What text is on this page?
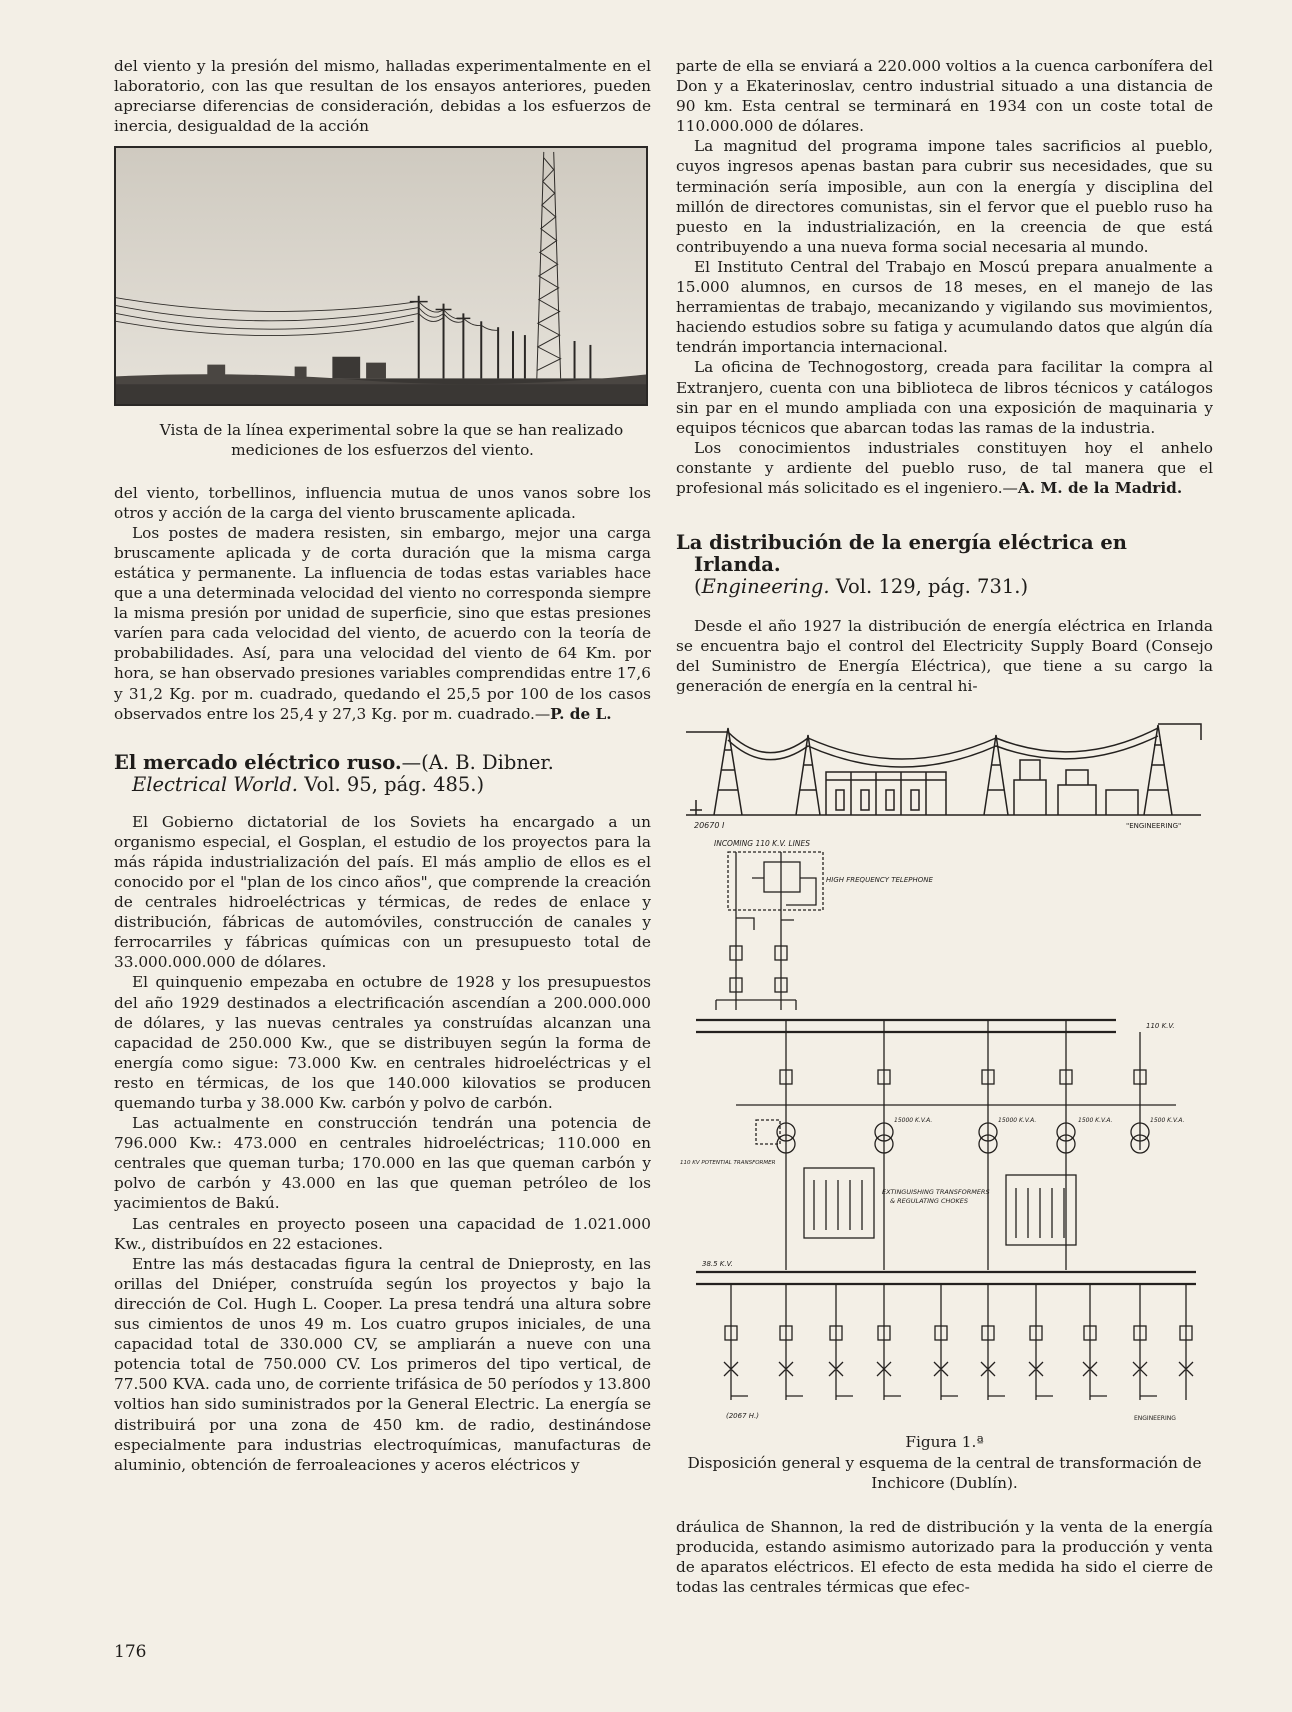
del viento y la presión del mismo, halladas experimentalmente en el laboratorio, con las que resultan de los ensayos anteriores, pueden apreciarse diferencias de consideración, debidas a los esfuerzos de inercia, desigualdad de la acción

Vista de la línea experimental sobre la que se han realizado mediciones de los esfuerzos del viento.

del viento, torbellinos, influencia mutua de unos vanos sobre los otros y acción de la carga del viento bruscamente aplicada.

Los postes de madera resisten, sin embargo, mejor una carga bruscamente aplicada y de corta duración que la misma carga estática y permanente. La influencia de todas estas variables hace que a una determinada velocidad del viento no corresponda siempre la misma presión por unidad de superficie, sino que estas presiones varíen para cada velocidad del viento, de acuerdo con la teoría de probabilidades. Así, para una velocidad del viento de 64 Km. por hora, se han observado presiones variables comprendidas entre 17,6 y 31,2 Kg. por m. cuadrado, quedando el 25,5 por 100 de los casos observados entre los 25,4 y 27,3 Kg. por m. cuadrado.—P. de L.

El mercado eléctrico ruso.—(A. B. Dibner. Electrical World. Vol. 95, pág. 485.)

El Gobierno dictatorial de los Soviets ha encargado a un organismo especial, el Gosplan, el estudio de los proyectos para la más rápida industrialización del país. El más amplio de ellos es el conocido por el "plan de los cinco años", que comprende la creación de centrales hidroeléctricas y térmicas, de redes de enlace y distribución, fábricas de automóviles, construcción de canales y ferrocarriles y fábricas químicas con un presupuesto total de 33.000.000.000 de dólares.

El quinquenio empezaba en octubre de 1928 y los presupuestos del año 1929 destinados a electrificación ascendían a 200.000.000 de dólares, y las nuevas centrales ya construídas alcanzan una capacidad de 250.000 Kw., que se distribuyen según la forma de energía como sigue: 73.000 Kw. en centrales hidroeléctricas y el resto en térmicas, de los que 140.000 kilovatios se producen quemando turba y 38.000 Kw. carbón y polvo de carbón.

Las actualmente en construcción tendrán una potencia de 796.000 Kw.: 473.000 en centrales hidroeléctricas; 110.000 en centrales que queman turba; 170.000 en las que queman carbón y polvo de carbón y 43.000 en las que queman petróleo de los yacimientos de Bakú.

Las centrales en proyecto poseen una capacidad de 1.021.000 Kw., distribuídos en 22 estaciones.

Entre las más destacadas figura la central de Dnieprosty, en las orillas del Dniéper, construída según los proyectos y bajo la dirección de Col. Hugh L. Cooper. La presa tendrá una altura sobre sus cimientos de unos 49 m. Los cuatro grupos iniciales, de una capacidad total de 330.000 CV, se ampliarán a nueve con una potencia total de 750.000 CV. Los primeros del tipo vertical, de 77.500 KVA. cada uno, de corriente trifásica de 50 períodos y 13.800 voltios han sido suministrados por la General Electric. La energía se distribuirá por una zona de 450 km. de radio, destinándose especialmente para industrias electroquímicas, manufacturas de aluminio, obtención de ferroaleaciones y aceros eléctricos y

parte de ella se enviará a 220.000 voltios a la cuenca carbonífera del Don y a Ekaterinoslav, centro industrial situado a una distancia de 90 km. Esta central se terminará en 1934 con un coste total de 110.000.000 de dólares.

La magnitud del programa impone tales sacrificios al pueblo, cuyos ingresos apenas bastan para cubrir sus necesidades, que su terminación sería imposible, aun con la energía y disciplina del millón de directores comunistas, sin el fervor que el pueblo ruso ha puesto en la industrialización, en la creencia de que está contribuyendo a una nueva forma social necesaria al mundo.

El Instituto Central del Trabajo en Moscú prepara anualmente a 15.000 alumnos, en cursos de 18 meses, en el manejo de las herramientas de trabajo, mecanizando y vigilando sus movimientos, haciendo estudios sobre su fatiga y acumulando datos que algún día tendrán importancia internacional.

La oficina de Technogostorg, creada para facilitar la compra al Extranjero, cuenta con una biblioteca de libros técnicos y catálogos sin par en el mundo ampliada con una exposición de maquinaria y equipos técnicos que abarcan todas las ramas de la industria.

Los conocimientos industriales constituyen hoy el anhelo constante y ardiente del pueblo ruso, de tal manera que el profesional más solicitado es el ingeniero.—A. M. de la Madrid.

La distribución de la energía eléctrica en Irlanda.
(Engineering. Vol. 129, pág. 731.)

Desde el año 1927 la distribución de energía eléctrica en Irlanda se encuentra bajo el control del Electricity Supply Board (Consejo del Suministro de Energía Eléctrica), que tiene a su cargo la generación de energía en la central hi-

20670 I	"ENGINEERING"
INCOMING 110 K.V. LINES
HIGH FREQUENCY TELEPHONE
110 K.V.
110 KV POTENTIAL TRANSFORMER
15000 K.V.A.	15000 K.V.A.	1500 K.V.A.	1500 K.V.A.
EXTINGUISHING TRANSFORMERS
& REGULATING CHOKES
38.5 K.V.
(2067 H.)	ENGINEERING
Figura 1.ª
Disposición general y esquema de la central de transformación de Inchicore (Dublín).

dráulica de Shannon, la red de distribución y la venta de la energía producida, estando asimismo autorizado para la producción y venta de aparatos eléctricos. El efecto de esta medida ha sido el cierre de todas las centrales térmicas que efec-

176
